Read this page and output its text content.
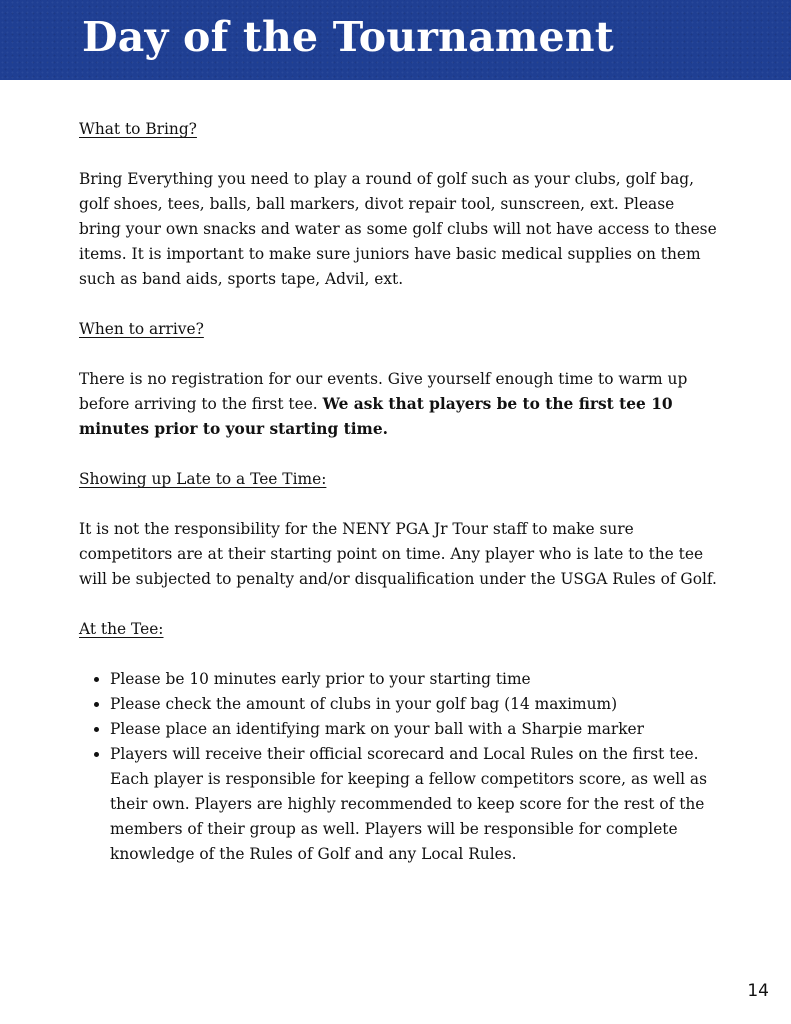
Day of the Tournament

What to Bring?

Bring Everything you need to play a round of golf such as your clubs, golf bag, golf shoes, tees, balls, ball markers, divot repair tool, sunscreen, ext. Please bring your own snacks and water as some golf clubs will not have access to these items. It is important to make sure juniors have basic medical supplies on them such as band aids, sports tape, Advil, ext.

When to arrive?

There is no registration for our events. Give yourself enough time to warm up before arriving to the first tee. We ask that players be to the first tee 10 minutes prior to your starting time.

Showing up Late to a Tee Time:

It is not the responsibility for the NENY PGA Jr Tour staff to make sure competitors are at their starting point on time. Any player who is late to the tee will be subjected to penalty and/or disqualification under the USGA Rules of Golf.

At the Tee:

• Please be 10 minutes early prior to your starting time
• Please check the amount of clubs in your golf bag (14 maximum)
• Please place an identifying mark on your ball with a Sharpie marker
• Players will receive their official scorecard and Local Rules on the first tee. Each player is responsible for keeping a fellow competitors score, as well as their own. Players are highly recommended to keep score for the rest of the members of their group as well. Players will be responsible for complete knowledge of the Rules of Golf and any Local Rules.
14
